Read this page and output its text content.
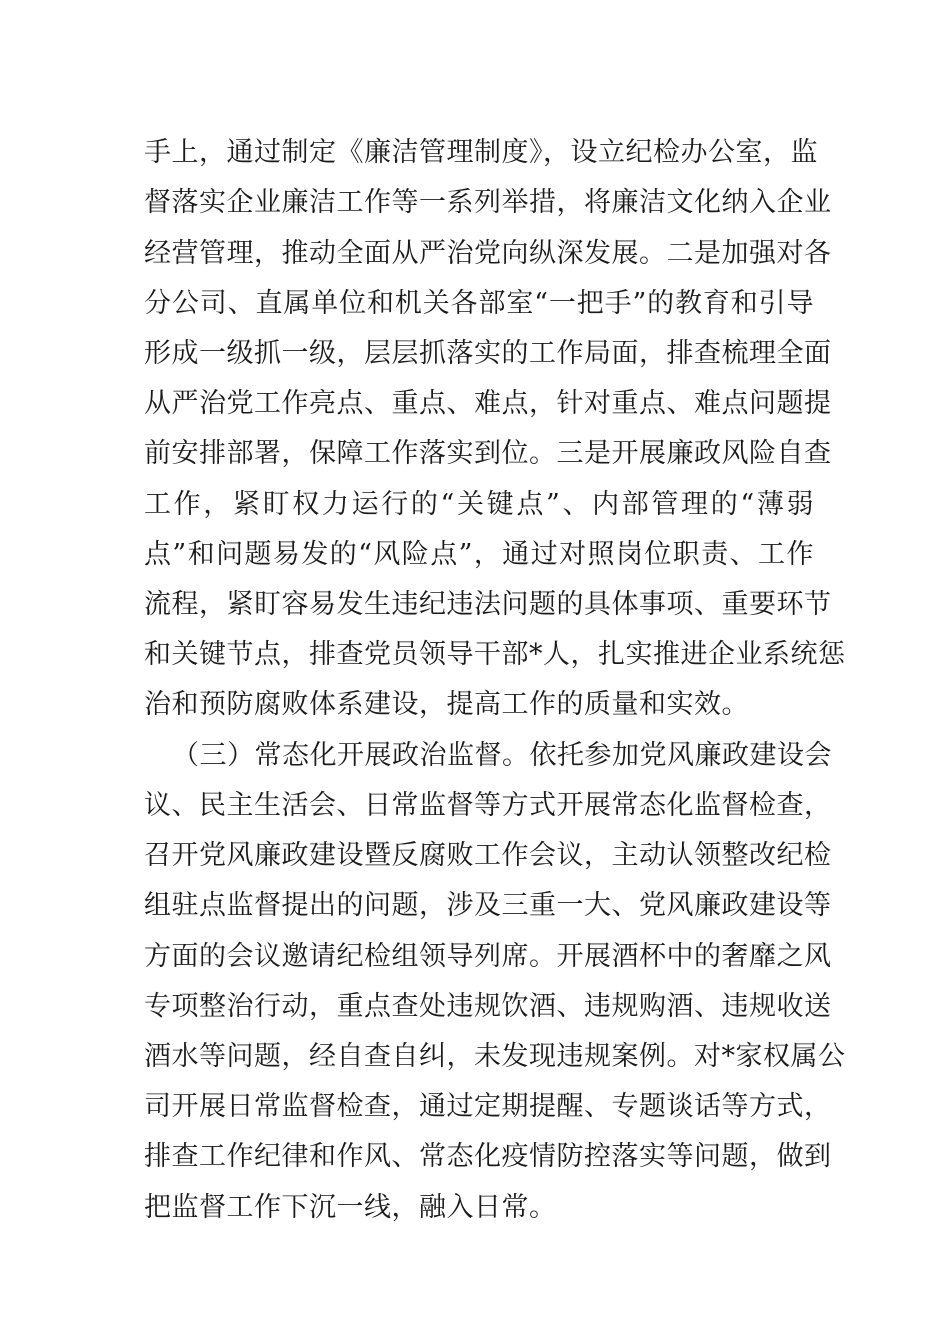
手上，通过制定《廉洁管理制度》，设立纪检办公室，监
督落实企业廉洁工作等一系列举措，将廉洁文化纳入企业
经营管理，推动全面从严治党向纵深发展。二是加强对各
分公司、直属单位和机关各部室“一把手”的教育和引导
形成一级抓一级，层层抓落实的工作局面，排查梳理全面
从严治党工作亮点、重点、难点，针对重点、难点问题提
前安排部署，保障工作落实到位。三是开展廉政风险自查
工作，紧盯权力运行的“关键点”、内部管理的“薄弱
点”和问题易发的“风险点”，通过对照岗位职责、工作
流程，紧盯容易发生违纪违法问题的具体事项、重要环节
和关键节点，排查党员领导干部*人，扎实推进企业系统惩
治和预防腐败体系建设，提高工作的质量和实效。
（三）常态化开展政治监督。依托参加党风廉政建设会
议、民主生活会、日常监督等方式开展常态化监督检查，
召开党风廉政建设暨反腐败工作会议，主动认领整改纪检
组驻点监督提出的问题，涉及三重一大、党风廉政建设等
方面的会议邀请纪检组领导列席。开展酒杯中的奢靡之风
专项整治行动，重点查处违规饮酒、违规购酒、违规收送
酒水等问题，经自查自纠，未发现违规案例。对*家权属公
司开展日常监督检查，通过定期提醒、专题谈话等方式，
排查工作纪律和作风、常态化疫情防控落实等问题，做到
把监督工作下沉一线，融入日常。
